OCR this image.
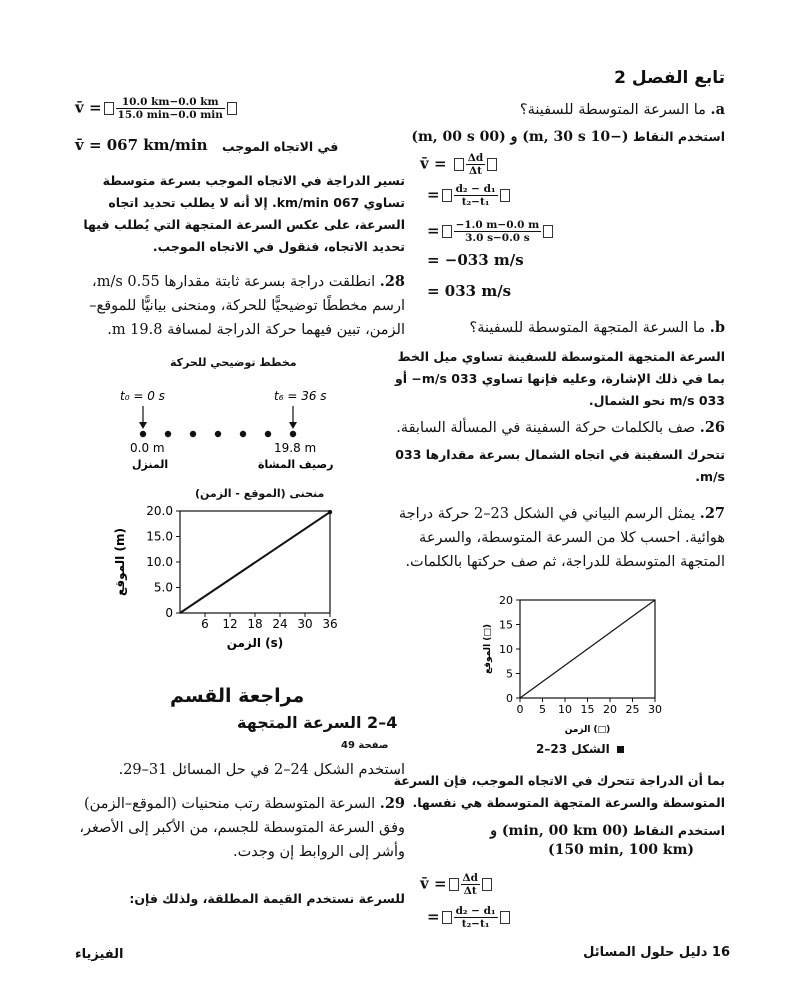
تابع الفصل 2
a. ما السرعة المتوسطة للسفينة؟
استخدم النقاط (−1⁣0 m, 3⁣0 s) و (0⁣0 m, 0⁣0 s)
v̄ = $\frac{\Delta d}{\Delta t}$
= $\frac{\text{d₂ − d₁}}{\text{t₂−t₁}}$
= $\frac{-1.0 m-0.0 m}{3.0 s-0.0 s}$
= −0⁣33 m/s
= 0⁣33 m/s
b. ما السرعة المتجهة المتوسطة للسفينة؟
السرعة المتجهة المتوسطة للسفينة تساوي ميل الخط بما في ذلك الإشارة، وعليه فإنها تساوي 0⁣33 m/s− أو 0⁣33 m/s نحو الشمال.
26. صف بالكلمات حركة السفينة في المسألة السابقة.
تتحرك السفينة في اتجاه الشمال بسرعة مقدارها 0⁣33 m/s.
27. يمثل الرسم البياني في الشكل 23–2 حركة دراجة هوائية. احسب كلا من السرعة المتوسطة، والسرعة المتجهة المتوسطة للدراجة، ثم صف حركتها بالكلمات.
0
5
10
15
20
0 5 10 15 20 25 30
الزمن (□)
الموقع (□)
الشكل 23–2
بما أن الدراجة تتحرك في الاتجاه الموجب، فإن السرعة المتوسطة والسرعة المتجهة المتوسطة هي نفسها.
استخدم النقاط (0⁣0 min, 0⁣0 km) و
(15⁣0 min, 10⁣0 km)
v̄ = $\frac{\Delta d}{\Delta t}$
= $\frac{\text{d₂ − d₁}}{\text{t₂−t₁}}$
v̄ = $\frac{10.0 km-0.0 km}{15.0 \min-0.0 \min}$
v̄ = 0⁣67 km/min في الاتجاه الموجب
تسير الدراجة في الاتجاه الموجب بسرعة متوسطة تساوي 0⁣67 km/min. إلا أنه لا يطلب تحديد اتجاه السرعة، على عكس السرعة المتجهة التي يُطلب فيها تحديد الاتجاه، فنقول في الاتجاه الموجب.
28. انطلقت دراجة بسرعة ثابتة مقدارها 0.55 m/s، ارسم مخططًا توضيحيًّا للحركة، ومنحنى بيانيًّا للموقع– الزمن، تبين فيهما حركة الدراجة لمسافة 19.8 m.
مخطط توضيحي للحركة
t₀ = 0 s	t₆ = 36 s
0.0 m	19.8 m
المنزل	رصيف المشاة
منحنى (الموقع - الزمن)
0
5.0
10.0
15.0
20.0
6 12 18 24 30 36
الزمن (s)
الموقع (m)
مراجعة القسم
4–2 السرعة المتجهة
صفحة 49
استخدم الشكل 24–2 في حل المسائل 31–29.
29. السرعة المتوسطة رتب منحنيات (الموقع–الزمن) وفق السرعة المتوسطة للجسم، من الأكبر إلى الأصغر، وأشر إلى الروابط إن وجدت.
للسرعة نستخدم القيمة المطلقة، ولذلك فإن:
16 دليل حلول المسائل
الفيزياء
